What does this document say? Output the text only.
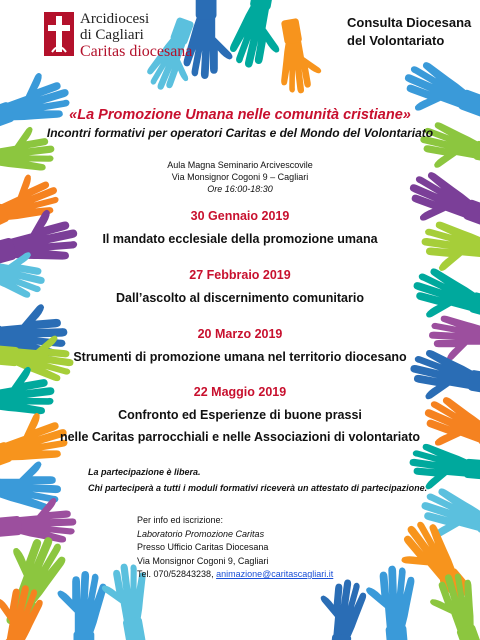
Arcidiocesi
di Cagliari
Caritas diocesana
Consulta Diocesana
del Volontariato
«La Promozione Umana nelle comunità cristiane»
Incontri formativi per operatori Caritas e del Mondo del Volontariato
Aula Magna Seminario Arcivescovile
Via Monsignor Cogoni 9 – Cagliari
Ore 16:00-18:30
30 Gennaio 2019
Il mandato ecclesiale della promozione umana
27 Febbraio 2019
Dall’ascolto al discernimento comunitario
20 Marzo 2019
Strumenti di promozione umana nel territorio diocesano
22 Maggio 2019
Confronto ed Esperienze di buone prassi
nelle Caritas parrocchiali e nelle Associazioni di volontariato
La partecipazione è libera.
Chi parteciperà a tutti i moduli formativi riceverà un attestato di partecipazione.
Per info ed iscrizione:
Laboratorio Promozione Caritas
Presso Ufficio Caritas Diocesana
Via Monsignor Cogoni 9, Cagliari
Tel. 070/52843238, animazione@caritascagliari.it
